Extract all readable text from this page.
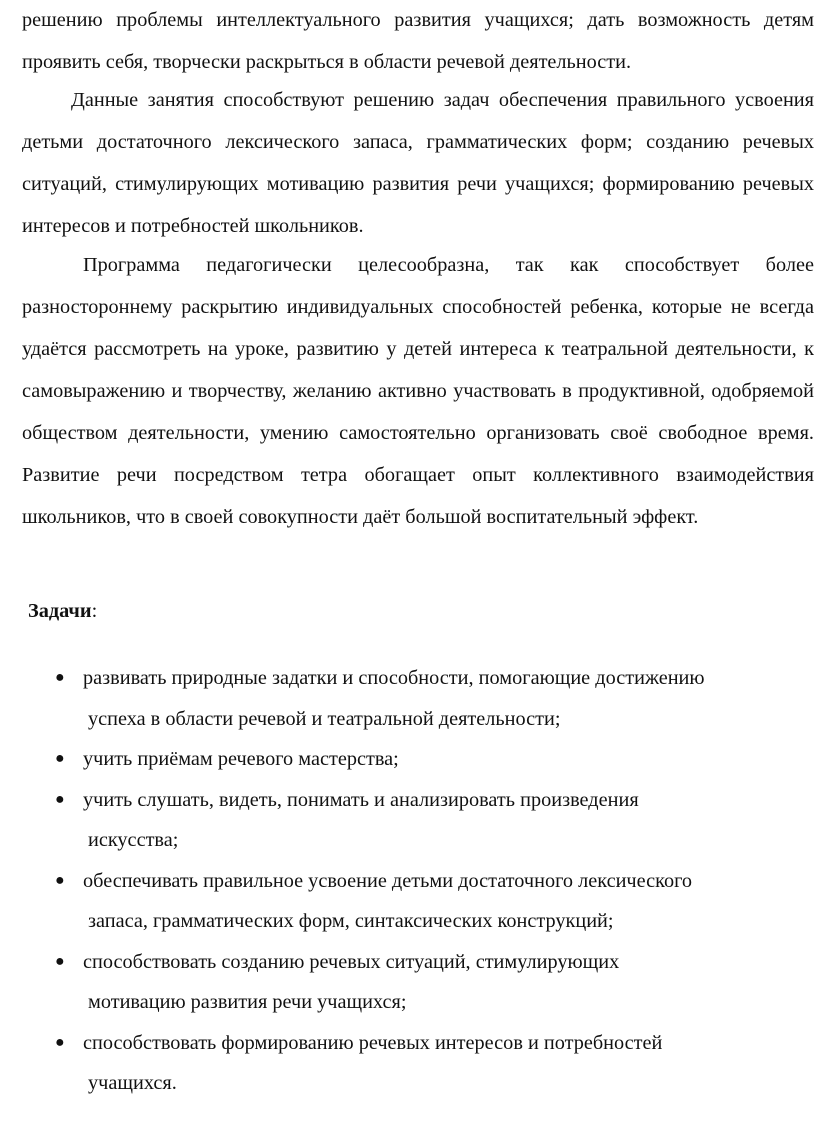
решению проблемы интеллектуального развития учащихся; дать возможность детям проявить себя, творчески раскрыться в области речевой деятельности.

Данные занятия способствуют решению задач обеспечения правильного усвоения детьми достаточного лексического запаса, грамматических форм; созданию речевых ситуаций, стимулирующих мотивацию развития речи учащихся; формированию речевых интересов и потребностей школьников.

Программа педагогически целесообразна, так как способствует более разностороннему раскрытию индивидуальных способностей ребенка, которые не всегда удаётся рассмотреть на уроке, развитию у детей интереса к театральной деятельности, к самовыражению и творчеству, желанию активно участвовать в продуктивной, одобряемой обществом деятельности, умению самостоятельно организовать своё свободное время. Развитие речи посредством тетра обогащает опыт коллективного взаимодействия школьников, что в своей совокупности даёт большой воспитательный эффект.

Задачи:

● развивать природные задатки и способности, помогающие достижению
успеха в области речевой и театральной деятельности;
● учить приёмам речевого мастерства;
● учить слушать, видеть, понимать и анализировать произведения
искусства;
● обеспечивать правильное усвоение детьми достаточного лексического
запаса, грамматических форм, синтаксических конструкций;
● способствовать созданию речевых ситуаций, стимулирующих
мотивацию развития речи учащихся;
● способствовать формированию речевых интересов и потребностей
учащихся.
